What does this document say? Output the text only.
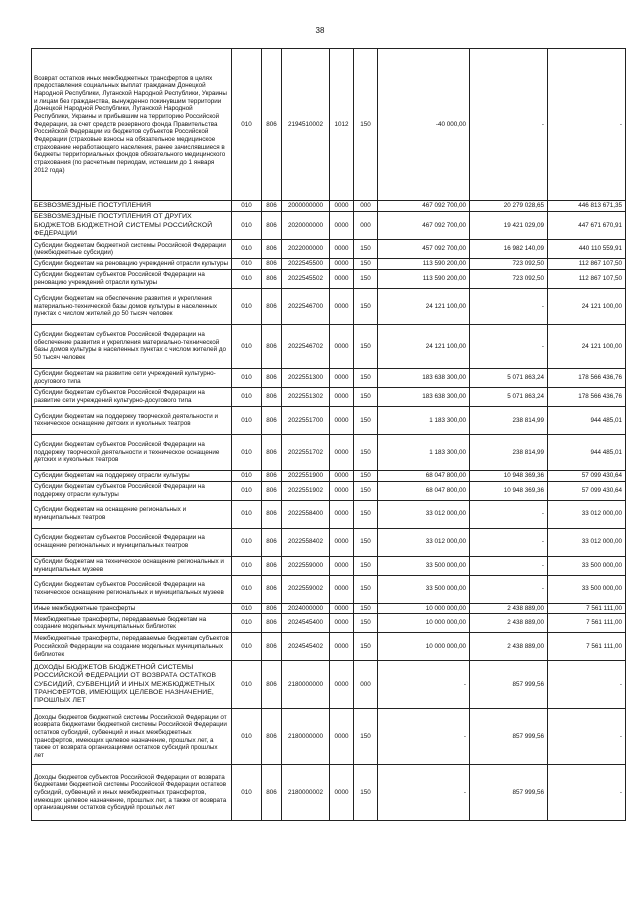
38
Возврат остатков иных межбюджетных трансфертов в целях предоставления социальных выплат гражданам Донецкой Народной Республики, Луганской Народной Республики, Украины и лицам без гражданства, вынужденно покинувшим территории Донецкой Народной Республики, Луганской Народной Республики, Украины и прибывшим на территорию Российской Федерации, за счет средств резервного фонда Правительства Российской Федерации из бюджетов субъектов Российской Федерации (страховые взносы на обязательное медицинское страхование неработающего населения, ранее зачислявшиеся в бюджеты территориальных фондов обязательного медицинского страхования (по расчетным периодам, истекшим до 1 января 2012 года)	010	806	2194510002	1012	150	-40 000,00	-	-
БЕЗВОЗМЕЗДНЫЕ ПОСТУПЛЕНИЯ	010	806	2000000000	0000	000	467 092 700,00	20 279 028,65	446 813 671,35
БЕЗВОЗМЕЗДНЫЕ ПОСТУПЛЕНИЯ ОТ ДРУГИХ БЮДЖЕТОВ БЮДЖЕТНОЙ СИСТЕМЫ РОССИЙСКОЙ ФЕДЕРАЦИИ	010	806	2020000000	0000	000	467 092 700,00	19 421 029,09	447 671 670,91
Субсидии бюджетам бюджетной системы Российской Федерации (межбюджетные субсидии)	010	806	2022000000	0000	150	457 092 700,00	16 982 140,09	440 110 559,91
Субсидии бюджетам на реновацию учреждений отрасли культуры	010	806	2022545500	0000	150	113 590 200,00	723 092,50	112 867 107,50
Субсидии бюджетам субъектов Российской Федерации на реновацию учреждений отрасли культуры	010	806	2022545502	0000	150	113 590 200,00	723 092,50	112 867 107,50
Субсидии бюджетам на обеспечение развития и укрепления материально-технической базы домов культуры в населенных пунктах с числом жителей до 50 тысяч человек	010	806	2022546700	0000	150	24 121 100,00	-	24 121 100,00
Субсидии бюджетам субъектов Российской Федерации на обеспечение развития и укрепления материально-технической базы домов культуры в населенных пунктах с числом жителей до 50 тысяч человек	010	806	2022546702	0000	150	24 121 100,00	-	24 121 100,00
Субсидии бюджетам на развитие сети учреждений культурно-досугового типа	010	806	2022551300	0000	150	183 638 300,00	5 071 863,24	178 566 436,76
Субсидии бюджетам субъектов Российской Федерации на развитие сети учреждений культурно-досугового типа	010	806	2022551302	0000	150	183 638 300,00	5 071 863,24	178 566 436,76
Субсидии бюджетам на поддержку творческой деятельности и техническое оснащение детских и кукольных театров	010	806	2022551700	0000	150	1 183 300,00	238 814,99	944 485,01
Субсидии бюджетам субъектов Российской Федерации на поддержку творческой деятельности и техническое оснащение детских и кукольных театров	010	806	2022551702	0000	150	1 183 300,00	238 814,99	944 485,01
Субсидии бюджетам на поддержку отрасли культуры	010	806	2022551900	0000	150	68 047 800,00	10 948 369,36	57 099 430,64
Субсидии бюджетам субъектов Российской Федерации на поддержку отрасли культуры	010	806	2022551902	0000	150	68 047 800,00	10 948 369,36	57 099 430,64
Субсидии бюджетам на оснащение региональных и муниципальных театров	010	806	2022558400	0000	150	33 012 000,00	-	33 012 000,00
Субсидии бюджетам субъектов Российской Федерации на оснащение региональных и муниципальных театров	010	806	2022558402	0000	150	33 012 000,00	-	33 012 000,00
Субсидии бюджетам на техническое оснащение региональных и муниципальных музеев	010	806	2022559000	0000	150	33 500 000,00	-	33 500 000,00
Субсидии бюджетам субъектов Российской Федерации на техническое оснащение региональных и муниципальных музеев	010	806	2022559002	0000	150	33 500 000,00	-	33 500 000,00
Иные межбюджетные трансферты	010	806	2024000000	0000	150	10 000 000,00	2 438 889,00	7 561 111,00
Межбюджетные трансферты, передаваемые бюджетам на создание модельных муниципальных библиотек	010	806	2024545400	0000	150	10 000 000,00	2 438 889,00	7 561 111,00
Межбюджетные трансферты, передаваемые бюджетам субъектов Российской Федерации на создание модельных муниципальных библиотек	010	806	2024545402	0000	150	10 000 000,00	2 438 889,00	7 561 111,00
ДОХОДЫ БЮДЖЕТОВ БЮДЖЕТНОЙ СИСТЕМЫ РОССИЙСКОЙ ФЕДЕРАЦИИ ОТ ВОЗВРАТА ОСТАТКОВ СУБСИДИЙ, СУБВЕНЦИЙ И ИНЫХ МЕЖБЮДЖЕТНЫХ ТРАНСФЕРТОВ, ИМЕЮЩИХ ЦЕЛЕВОЕ НАЗНАЧЕНИЕ, ПРОШЛЫХ ЛЕТ	010	806	2180000000	0000	000	-	857 999,56	-
Доходы бюджетов бюджетной системы Российской Федерации от возврата бюджетами бюджетной системы Российской Федерации остатков субсидий, субвенций и иных межбюджетных трансфертов, имеющих целевое назначение, прошлых лет, а также от возврата организациями остатков субсидий прошлых лет	010	806	2180000000	0000	150	-	857 999,56	-
Доходы бюджетов субъектов Российской Федерации от возврата бюджетами бюджетной системы Российской Федерации остатков субсидий, субвенций и иных межбюджетных трансфертов, имеющих целевое назначение, прошлых лет, а также от возврата организациями остатков субсидий прошлых лет	010	806	2180000002	0000	150	-	857 999,56	-
